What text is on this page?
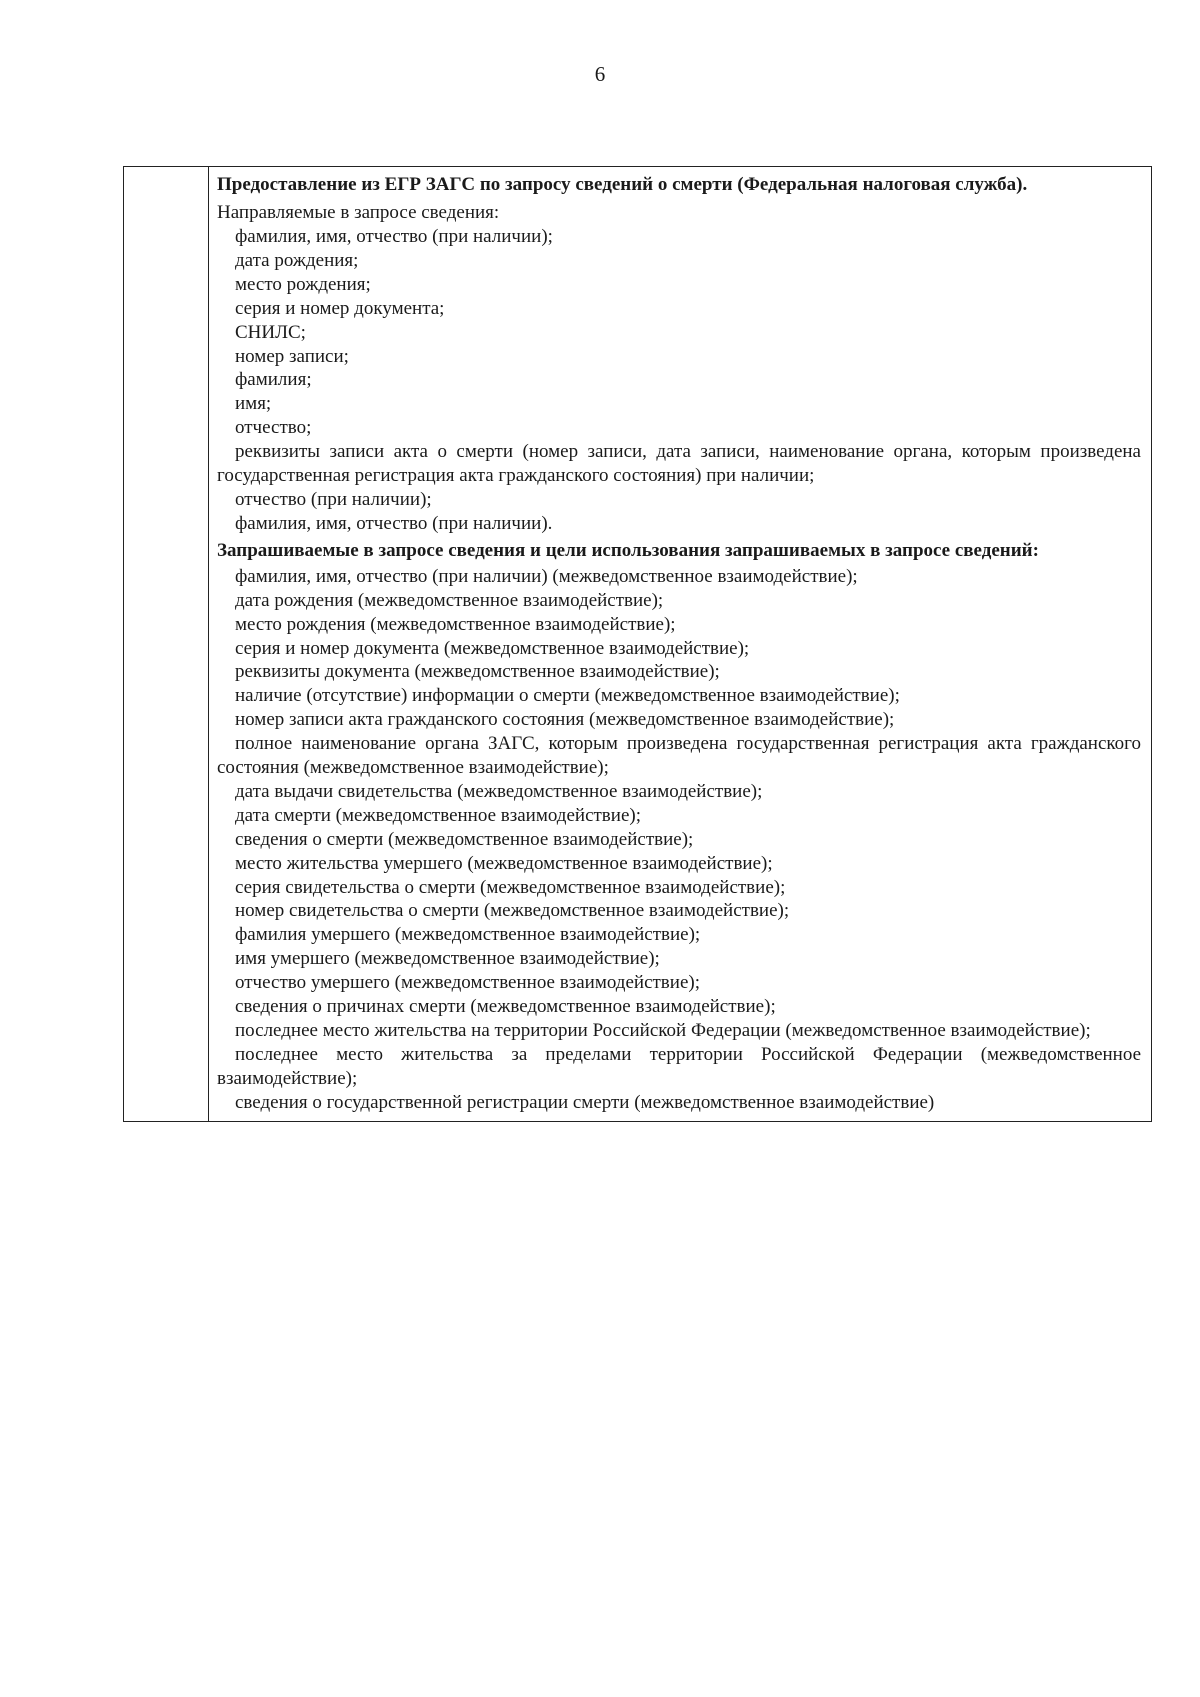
6
Предоставление из ЕГР ЗАГС по запросу сведений о смерти (Федеральная налоговая служба).
Направляемые в запросе сведения:
фамилия, имя, отчество (при наличии);
дата рождения;
место рождения;
серия и номер документа;
СНИЛС;
номер записи;
фамилия;
имя;
отчество;
реквизиты записи акта о смерти (номер записи, дата записи, наименование органа, которым произведена государственная регистрация акта гражданского состояния) при наличии;
отчество (при наличии);
фамилия, имя, отчество (при наличии).
Запрашиваемые в запросе сведения и цели использования запрашиваемых в запросе сведений:
фамилия, имя, отчество (при наличии) (межведомственное взаимодействие);
дата рождения (межведомственное взаимодействие);
место рождения (межведомственное взаимодействие);
серия и номер документа (межведомственное взаимодействие);
реквизиты документа (межведомственное взаимодействие);
наличие (отсутствие) информации о смерти (межведомственное взаимодействие);
номер записи акта гражданского состояния (межведомственное взаимодействие);
полное наименование органа ЗАГС, которым произведена государственная регистрация акта гражданского состояния (межведомственное взаимодействие);
дата выдачи свидетельства (межведомственное взаимодействие);
дата смерти (межведомственное взаимодействие);
сведения о смерти (межведомственное взаимодействие);
место жительства умершего (межведомственное взаимодействие);
серия свидетельства о смерти (межведомственное взаимодействие);
номер свидетельства о смерти (межведомственное взаимодействие);
фамилия умершего (межведомственное взаимодействие);
имя умершего (межведомственное взаимодействие);
отчество умершего (межведомственное взаимодействие);
сведения о причинах смерти (межведомственное взаимодействие);
последнее место жительства на территории Российской Федерации (межведомственное взаимодействие);
последнее место жительства за пределами территории Российской Федерации (межведомственное взаимодействие);
сведения о государственной регистрации смерти (межведомственное взаимодействие)
